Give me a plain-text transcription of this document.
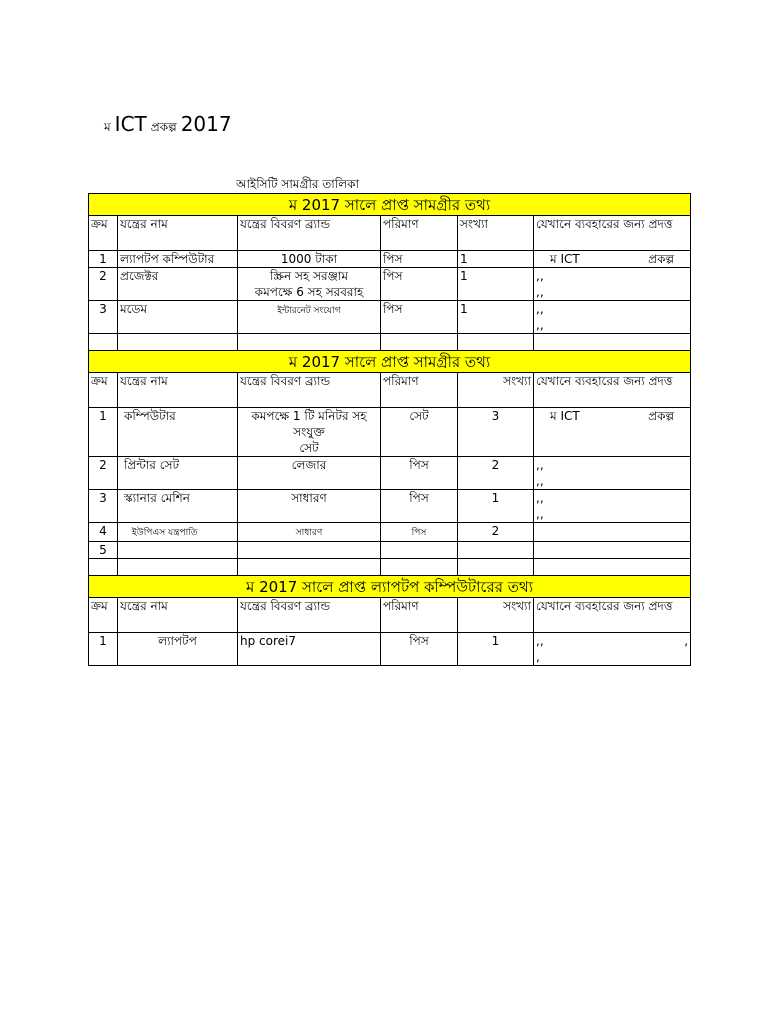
ম ICT প্রকল্প 2017
আইসিটি সামগ্রীর তালিকা
ম 2017 সালে প্রাপ্ত সামগ্রীর তথ্য					
ক্রম	যন্ত্রের নাম	যন্ত্রের বিবরণ ব্র্যান্ড	পরিমাণ	সংখ্যা	যেখানে ব্যবহারের জন্য প্রদত্ত
1	ল্যাপটপ কম্পিউটার	1000 টাকা	পিস	1	ম ICT প্রকল্প

2	প্রজেক্টর	স্ক্রিন সহ সরঞ্জাম
কমপক্ষে 6 সহ সরবরাহ	পিস	1	,,
,,

3	মডেম	ইন্টারনেট সংযোগ	পিস	1	,,
,,

ম 2017 সালে প্রাপ্ত সামগ্রীর তথ্য					
ক্রম	যন্ত্রের নাম	যন্ত্রের বিবরণ ব্র্যান্ড	পরিমাণ	সংখ্যা	যেখানে ব্যবহারের জন্য প্রদত্ত
1	কম্পিউটার	কমপক্ষে 1 টি মনিটর সহ সংযুক্ত
সেট	সেট	3	ম ICT প্রকল্প

2	প্রিন্টার সেট	লেজার	পিস	2	,,
,,

3	স্ক্যানার মেশিন	সাধারণ	পিস	1	,,
,,

4	ইউপিএস যন্ত্রপাতি	সাধারণ	পিস	2	
5					

ম 2017 সালে প্রাপ্ত ল্যাপটপ কম্পিউটারের তথ্য					
ক্রম	যন্ত্রের নাম	যন্ত্রের বিবরণ ব্র্যান্ড	পরিমাণ	সংখ্যা	যেখানে ব্যবহারের জন্য প্রদত্ত
1	ল্যাপটপ	hp corei7	পিস	1	,, ,
,
